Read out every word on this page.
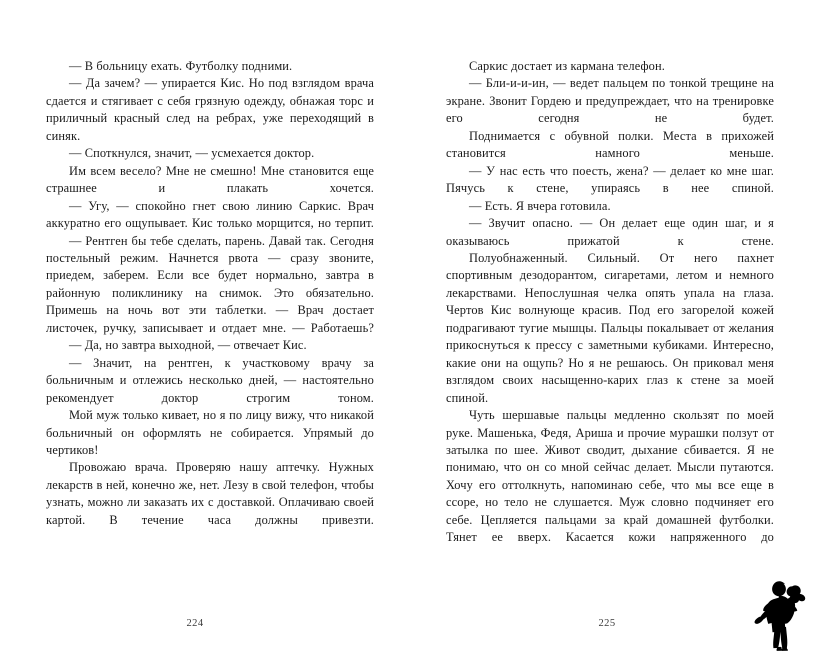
— В больницу ехать. Футболку подними.

— Да зачем? — упирается Кис. Но под взглядом врача сдается и стягивает с себя грязную одежду, обнажая торс и приличный красный след на ребрах, уже переходящий в синяк.

— Споткнулся, значит, — усмехается доктор.

Им всем весело? Мне не смешно! Мне становится еще страшнее и плакать хочется.

— Угу, — спокойно гнет свою линию Саркис. Врач аккуратно его ощупывает. Кис только морщится, но терпит.

— Рентген бы тебе сделать, парень. Давай так. Сегодня постельный режим. Начнется рвота — сразу звоните, приедем, заберем. Если все будет нормально, завтра в районную поликлинику на снимок. Это обязательно. Примешь на ночь вот эти таблетки. — Врач достает листочек, ручку, записывает и отдает мне. — Работаешь?

— Да, но завтра выходной, — отвечает Кис.

— Значит, на рентген, к участковому врачу за больничным и отлежись несколько дней, — настоятельно рекомендует доктор строгим тоном.

Мой муж только кивает, но я по лицу вижу, что никакой больничный он оформлять не собирается. Упрямый до чертиков!

Провожаю врача. Проверяю нашу аптечку. Нужных лекарств в ней, конечно же, нет. Лезу в свой телефон, чтобы узнать, можно ли заказать их с доставкой. Оплачиваю своей картой. В течение часа должны привезти.

224

Саркис достает из кармана телефон.

— Бли-и-и-ин, — ведет пальцем по тонкой трещине на экране. Звонит Гордею и предупреждает, что на тренировке его сегодня не будет.

Поднимается с обувной полки. Места в прихожей становится намного меньше.

— У нас есть что поесть, жена? — делает ко мне шаг. Пячусь к стене, упираясь в нее спиной.

— Есть. Я вчера готовила.

— Звучит опасно. — Он делает еще один шаг, и я оказываюсь прижатой к стене.

Полуобнаженный. Сильный. От него пахнет спортивным дезодорантом, сигаретами, летом и немного лекарствами. Непослушная челка опять упала на глаза. Чертов Кис волнующе красив. Под его загорелой кожей подрагивают тугие мышцы. Пальцы покалывает от желания прикоснуться к прессу с заметными кубиками. Интересно, какие они на ощупь? Но я не решаюсь. Он приковал меня взглядом своих насыщенно-карих глаз к стене за моей спиной.

Чуть шершавые пальцы медленно скользят по моей руке. Машенька, Федя, Ариша и прочие мурашки ползут от затылка по шее. Живот сводит, дыхание сбивается. Я не понимаю, что он со мной сейчас делает. Мысли путаются. Хочу его оттолкнуть, напоминаю себе, что мы все еще в ссоре, но тело не слушается. Муж словно подчиняет его себе. Цепляется пальцами за край домашней футболки. Тянет ее вверх. Касается кожи напряженного до

225
